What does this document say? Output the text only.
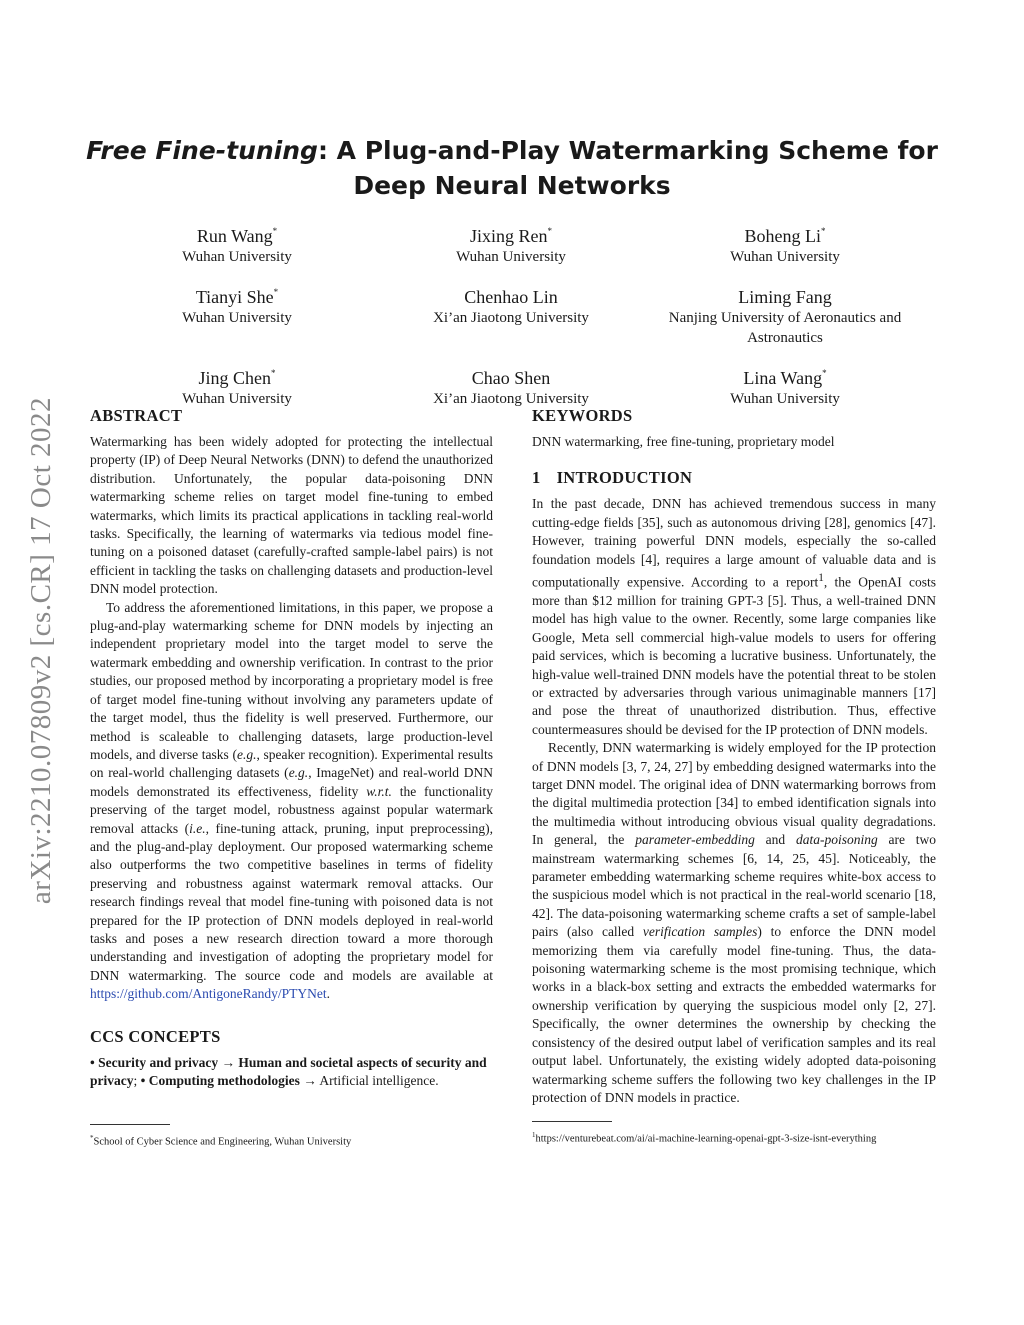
arXiv:2210.07809v2 [cs.CR] 17 Oct 2022
Free Fine-tuning: A Plug-and-Play Watermarking Scheme for
Deep Neural Networks
Run Wang*
Wuhan University
Jixing Ren*
Wuhan University
Boheng Li*
Wuhan University
Tianyi She*
Wuhan University
Chenhao Lin
Xi’an Jiaotong University
Liming Fang
Nanjing University of Aeronautics and Astronautics
Jing Chen*
Wuhan University
Chao Shen
Xi’an Jiaotong University
Lina Wang*
Wuhan University
ABSTRACT

Watermarking has been widely adopted for protecting the intellectual property (IP) of Deep Neural Networks (DNN) to defend the unauthorized distribution. Unfortunately, the popular data-poisoning DNN watermarking scheme relies on target model fine-tuning to embed watermarks, which limits its practical applications in tackling real-world tasks. Specifically, the learning of watermarks via tedious model fine-tuning on a poisoned dataset (carefully-crafted sample-label pairs) is not efficient in tackling the tasks on challenging datasets and production-level DNN model protection.

To address the aforementioned limitations, in this paper, we propose a plug-and-play watermarking scheme for DNN models by injecting an independent proprietary model into the target model to serve the watermark embedding and ownership verification. In contrast to the prior studies, our proposed method by incorporating a proprietary model is free of target model fine-tuning without involving any parameters update of the target model, thus the fidelity is well preserved. Furthermore, our method is scaleable to challenging datasets, large production-level models, and diverse tasks (e.g., speaker recognition). Experimental results on real-world challenging datasets (e.g., ImageNet) and real-world DNN models demonstrated its effectiveness, fidelity w.r.t. the functionality preserving of the target model, robustness against popular watermark removal attacks (i.e., fine-tuning attack, pruning, input preprocessing), and the plug-and-play deployment. Our proposed watermarking scheme also outperforms the two competitive baselines in terms of fidelity preserving and robustness against watermark removal attacks. Our research findings reveal that model fine-tuning with poisoned data is not prepared for the IP protection of DNN models deployed in real-world tasks and poses a new research direction toward a more thorough understanding and investigation of adopting the proprietary model for DNN watermarking. The source code and models are available at https://github.com/AntigoneRandy/PTYNet.

CCS CONCEPTS

• Security and privacy → Human and societal aspects of security and privacy; • Computing methodologies → Artificial intelligence.

*School of Cyber Science and Engineering, Wuhan University
KEYWORDS

DNN watermarking, free fine-tuning, proprietary model

1 INTRODUCTION

In the past decade, DNN has achieved tremendous success in many cutting-edge fields [35], such as autonomous driving [28], genomics [47]. However, training powerful DNN models, especially the so-called foundation models [4], requires a large amount of valuable data and is computationally expensive. According to a report$^1$, the OpenAI costs more than $12 million for training GPT-3 [5]. Thus, a well-trained DNN model has high value to the owner. Recently, some large companies like Google, Meta sell commercial high-value models to users for offering paid services, which is becoming a lucrative business. Unfortunately, the high-value well-trained DNN models have the potential threat to be stolen or extracted by adversaries through various unimaginable manners [17] and pose the threat of unauthorized distribution. Thus, effective countermeasures should be devised for the IP protection of DNN models.

Recently, DNN watermarking is widely employed for the IP protection of DNN models [3, 7, 24, 27] by embedding designed watermarks into the target DNN model. The original idea of DNN watermarking borrows from the digital multimedia protection [34] to embed identification signals into the multimedia without introducing obvious visual quality degradations. In general, the parameter-embedding and data-poisoning are two mainstream watermarking schemes [6, 14, 25, 45]. Noticeably, the parameter embedding watermarking scheme requires white-box access to the suspicious model which is not practical in the real-world scenario [18, 42]. The data-poisoning watermarking scheme crafts a set of sample-label pairs (also called verification samples) to enforce the DNN model memorizing them via carefully model fine-tuning. Thus, the data-poisoning watermarking scheme is the most promising technique, which works in a black-box setting and extracts the embedded watermarks for ownership verification by querying the suspicious model only [2, 27]. Specifically, the owner determines the ownership by checking the consistency of the desired output label of verification samples and its real output label. Unfortunately, the existing widely adopted data-poisoning watermarking scheme suffers the following two key challenges in the IP protection of DNN models in practice.

$^1$https://venturebeat.com/ai/ai-machine-learning-openai-gpt-3-size-isnt-everything
